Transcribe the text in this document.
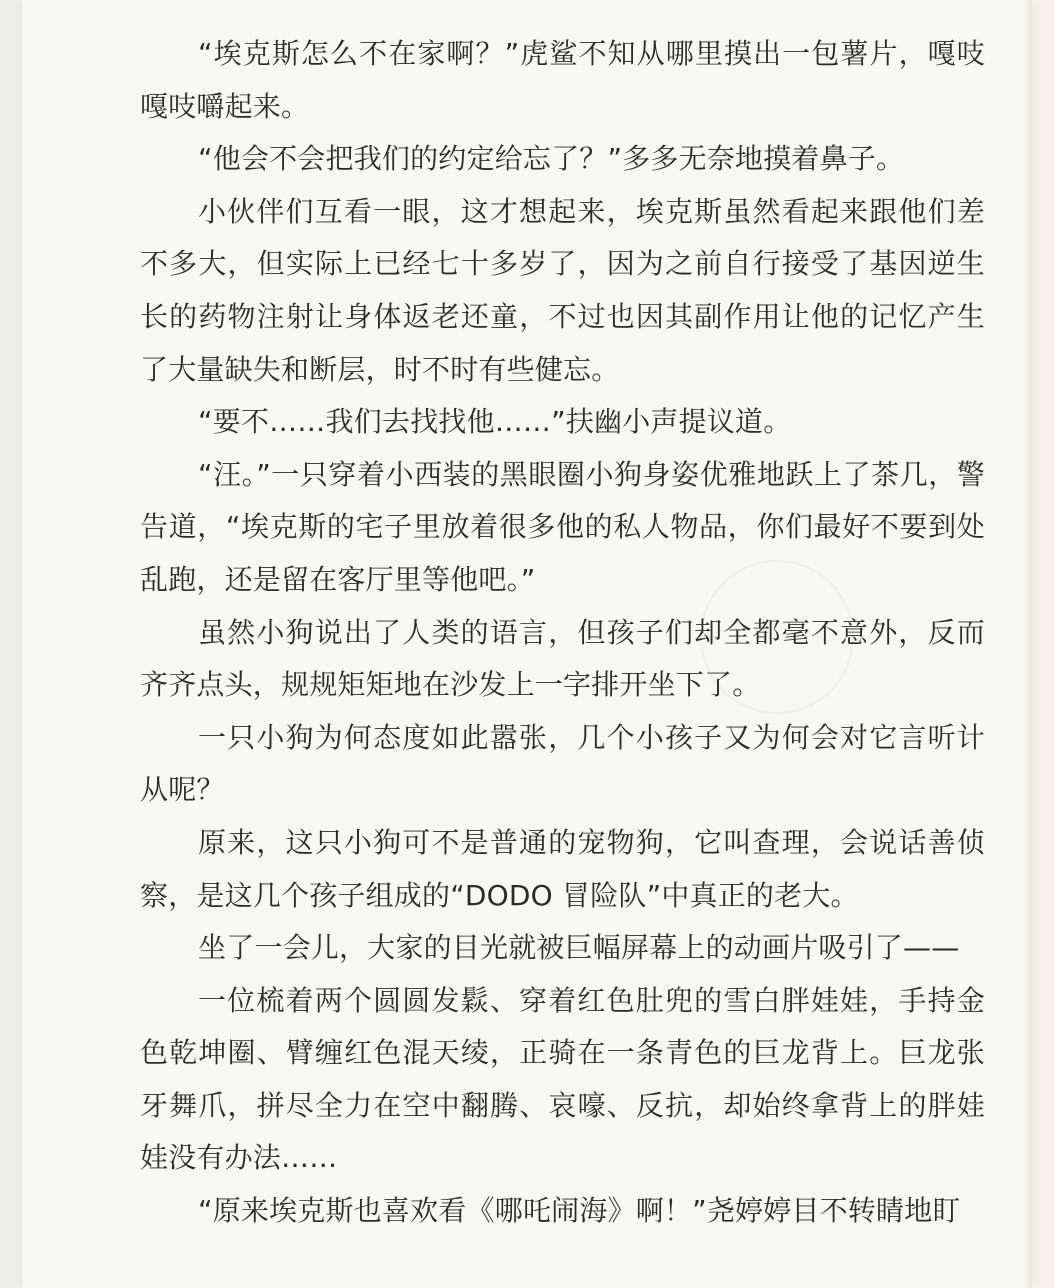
“埃克斯怎么不在家啊？”虎鲨不知从哪里摸出一包薯片，嘎吱嘎吱嚼起来。

“他会不会把我们的约定给忘了？”多多无奈地摸着鼻子。

小伙伴们互看一眼，这才想起来，埃克斯虽然看起来跟他们差不多大，但实际上已经七十多岁了，因为之前自行接受了基因逆生长的药物注射让身体返老还童，不过也因其副作用让他的记忆产生了大量缺失和断层，时不时有些健忘。

“要不……我们去找找他……”扶幽小声提议道。

“汪。”一只穿着小西装的黑眼圈小狗身姿优雅地跃上了茶几，警告道，“埃克斯的宅子里放着很多他的私人物品，你们最好不要到处乱跑，还是留在客厅里等他吧。”

虽然小狗说出了人类的语言，但孩子们却全都毫不意外，反而齐齐点头，规规矩矩地在沙发上一字排开坐下了。

一只小狗为何态度如此嚣张，几个小孩子又为何会对它言听计从呢？

原来，这只小狗可不是普通的宠物狗，它叫查理，会说话善侦察，是这几个孩子组成的“DODO 冒险队”中真正的老大。

坐了一会儿，大家的目光就被巨幅屏幕上的动画片吸引了——

一位梳着两个圆圆发鬏、穿着红色肚兜的雪白胖娃娃，手持金色乾坤圈、臂缠红色混天绫，正骑在一条青色的巨龙背上。巨龙张牙舞爪，拼尽全力在空中翻腾、哀嚎、反抗，却始终拿背上的胖娃娃没有办法……

“原来埃克斯也喜欢看《哪吒闹海》啊！”尧婷婷目不转睛地盯
